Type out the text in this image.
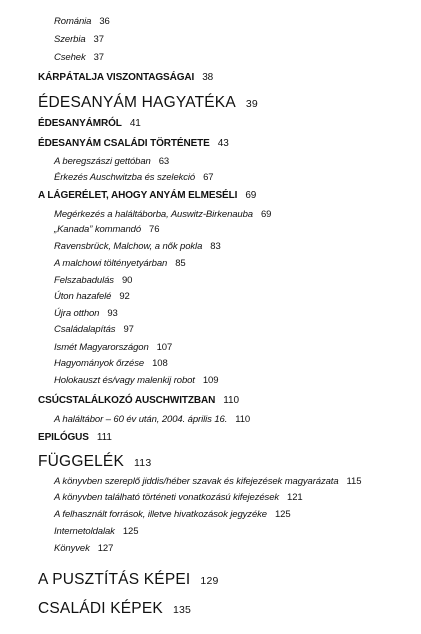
Románia 36
Szerbia 37
Csehek 37
KÁRPÁTALJA VISZONTAGSÁGAI 38
ÉDESANYÁM HAGYATÉKA 39
ÉDESANYÁMRÓL 41
ÉDESANYÁM CSALÁDI TÖRTÉNETE 43
A beregszászi gettóban 63
Érkezés Auschwitzba és szelekció 67
A LÁGERÉLET, AHOGY ANYÁM ELMESÉLI 69
Megérkezés a haláltáborba, Auswitz-Birkenauba 69
„Kanada” kommandó 76
Ravensbrück, Malchow, a nők pokla 83
A malchowi töltényetyárban 85
Felszabadulás 90
Úton hazafelé 92
Újra otthon 93
Családalapítás 97
Ismét Magyarországon 107
Hagyományok őrzése 108
Holokauszt és/vagy malenkij robot 109
CSÚCSTALÁLKOZÓ AUSCHWITZBAN 110
A haláltábor – 60 év után, 2004. április 16. 110
EPILÓGUS 111
FÜGGELÉK 113
A könyvben szereplő jiddis/héber szavak és kifejezések magyarázata 115
A könyvben található történeti vonatkozású kifejezések 121
A felhasznált források, illetve hivatkozások jegyzéke 125
Internetoldalak 125
Könyvek 127
A PUSZTÍTÁS KÉPEI 129
CSALÁDI KÉPEK 135
